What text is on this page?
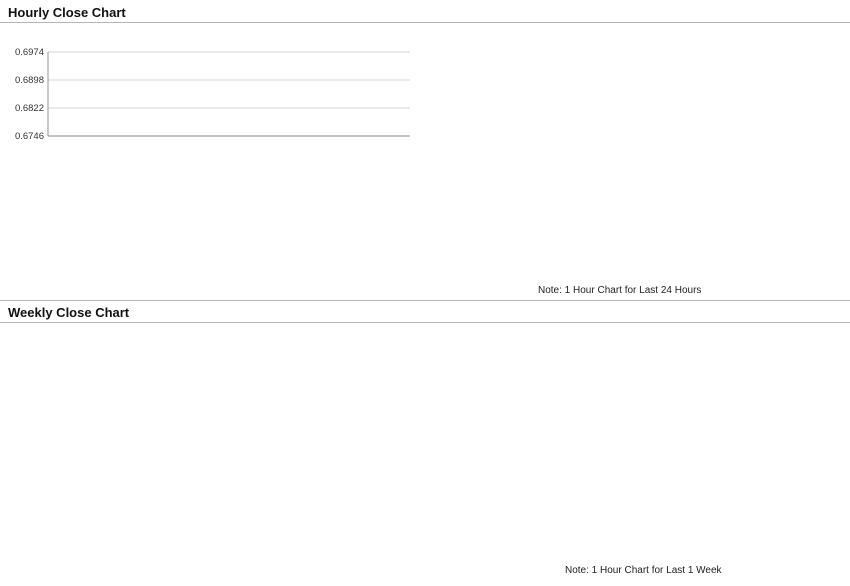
Hourly Close Chart
0.6974
0.6898
0.6822
0.6746
Note: 1 Hour Chart for Last 24 Hours
Weekly Close Chart
Note: 1 Hour Chart for Last 1 Week
